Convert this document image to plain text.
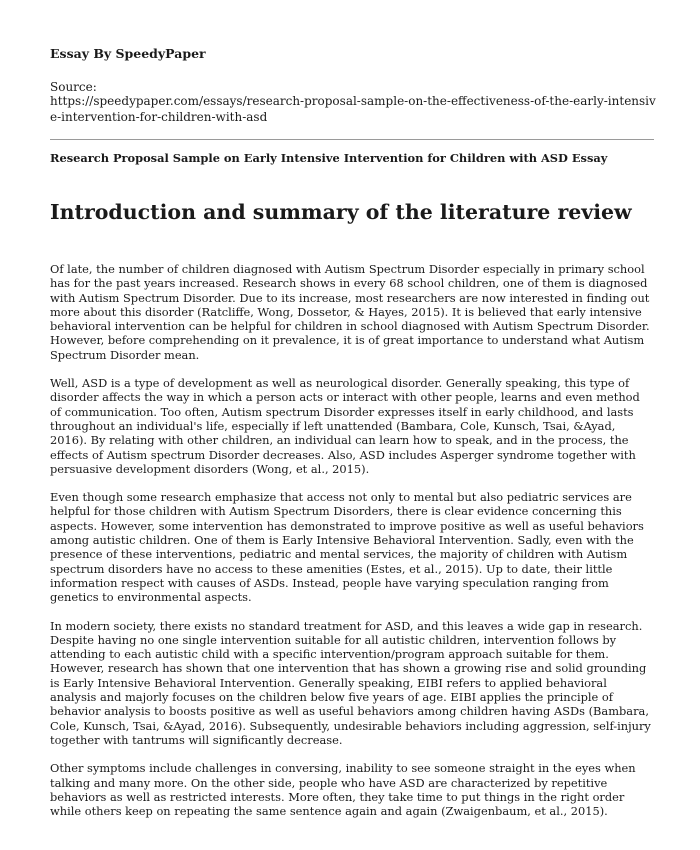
Essay By SpeedyPaper

Source:

https://speedypaper.com/essays/research-proposal-sample-on-the-effectiveness-of-the-early-intensive-intervention-for-children-with-asd

Research Proposal Sample on Early Intensive Intervention for Children with ASD Essay

Introduction and summary of the literature review

Of late, the number of children diagnosed with Autism Spectrum Disorder especially in primary school has for the past years increased. Research shows in every 68 school children, one of them is diagnosed with Autism Spectrum Disorder. Due to its increase, most researchers are now interested in finding out more about this disorder (Ratcliffe, Wong, Dossetor, & Hayes, 2015). It is believed that early intensive behavioral intervention can be helpful for children in school diagnosed with Autism Spectrum Disorder. However, before comprehending on it prevalence, it is of great importance to understand what Autism Spectrum Disorder mean.

Well, ASD is a type of development as well as neurological disorder. Generally speaking, this type of disorder affects the way in which a person acts or interact with other people, learns and even method of communication. Too often, Autism spectrum Disorder expresses itself in early childhood, and lasts throughout an individual's life, especially if left unattended (Bambara, Cole, Kunsch, Tsai, &Ayad, 2016). By relating with other children, an individual can learn how to speak, and in the process, the effects of Autism spectrum Disorder decreases. Also, ASD includes Asperger syndrome together with persuasive development disorders (Wong, et al., 2015).

Even though some research emphasize that access not only to mental but also pediatric services are helpful for those children with Autism Spectrum Disorders, there is clear evidence concerning this aspects. However, some intervention has demonstrated to improve positive as well as useful behaviors among autistic children. One of them is Early Intensive Behavioral Intervention. Sadly, even with the presence of these interventions, pediatric and mental services, the majority of children with Autism spectrum disorders have no access to these amenities (Estes, et al., 2015). Up to date, their little information respect with causes of ASDs. Instead, people have varying speculation ranging from genetics to environmental aspects.

In modern society, there exists no standard treatment for ASD, and this leaves a wide gap in research. Despite having no one single intervention suitable for all autistic children, intervention follows by attending to each autistic child with a specific intervention/program approach suitable for them. However, research has shown that one intervention that has shown a growing rise and solid grounding is Early Intensive Behavioral Intervention. Generally speaking, EIBI refers to applied behavioral analysis and majorly focuses on the children below five years of age. EIBI applies the principle of behavior analysis to boosts positive as well as useful behaviors among children having ASDs (Bambara, Cole, Kunsch, Tsai, &Ayad, 2016). Subsequently, undesirable behaviors including aggression, self-injury together with tantrums will significantly decrease.

Other symptoms include challenges in conversing, inability to see someone straight in the eyes when talking and many more. On the other side, people who have ASD are characterized by repetitive behaviors as well as restricted interests. More often, they take time to put things in the right order while others keep on repeating the same sentence again and again (Zwaigenbaum, et al., 2015).
